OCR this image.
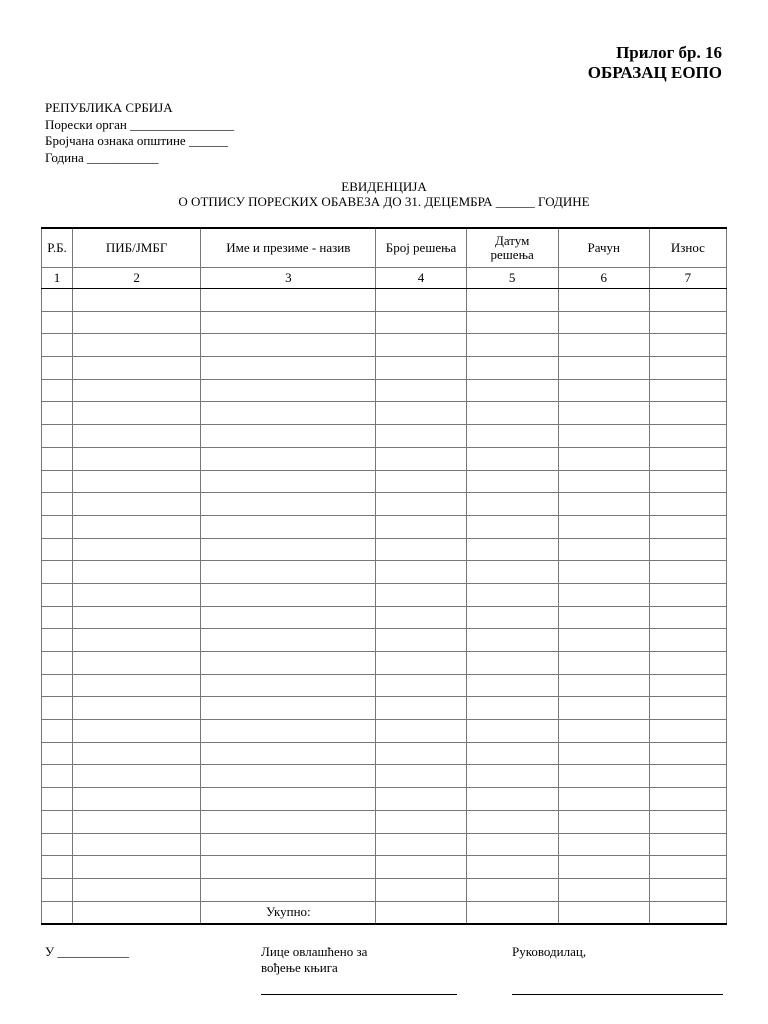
Прилог бр. 16
ОБРАЗАЦ ЕОПО
РЕПУБЛИКА СРБИЈА
Порески орган ________________
Бројчана ознака општине ______
Година ___________
ЕВИДЕНЦИЈА
О ОТПИСУ ПОРЕСКИХ ОБАВЕЗА ДО 31. ДЕЦЕМБРА ______ ГОДИНЕ
Р.Б.	ПИБ/ЈМБГ	Име и презиме - назив	Број решења	Датум решења	Рачун	Износ
1	2	3	4	5	6	7

		Укупно:				
У ___________	Лице овлашћено за вођење књига
Руководилац,
